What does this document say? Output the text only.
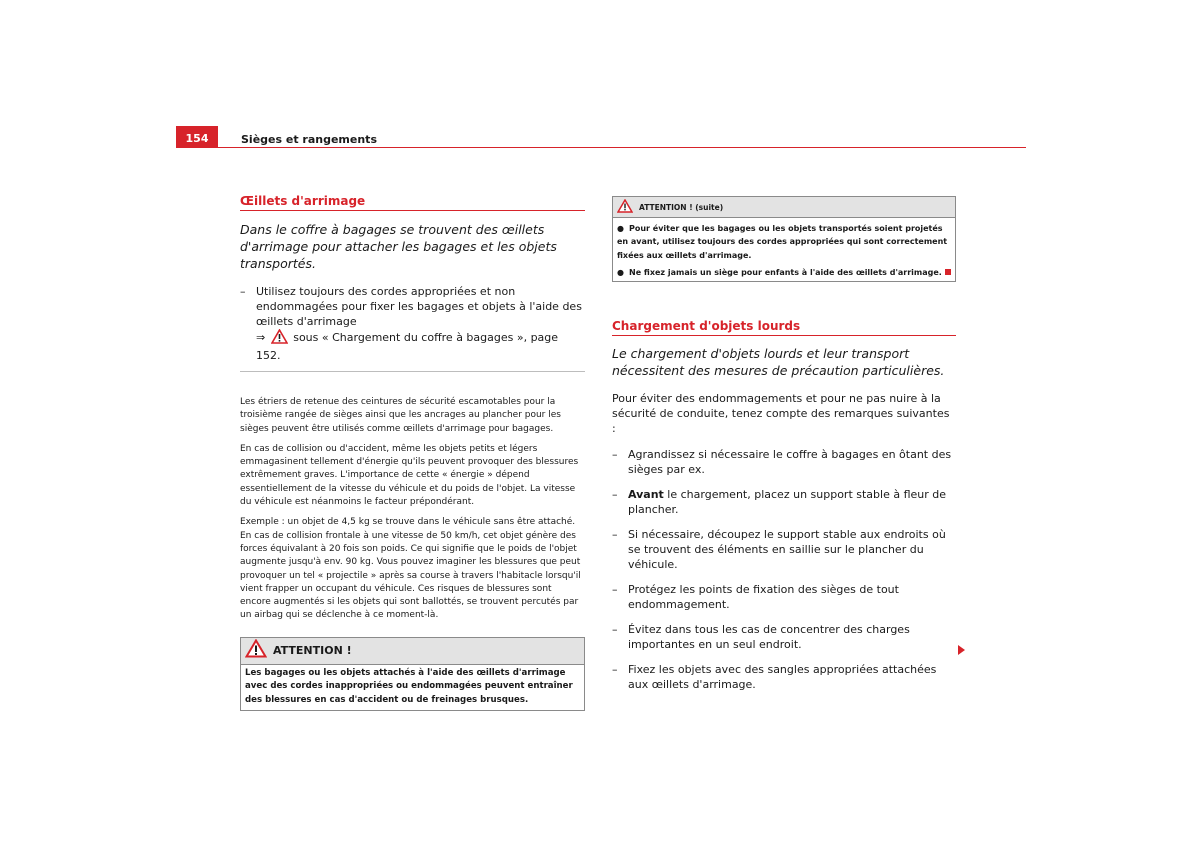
154	Sièges et rangements
Œillets d'arrimage

Dans le coffre à bagages se trouvent des œillets d'arrimage pour attacher les bagages et les objets transportés.

– Utilisez toujours des cordes appropriées et non endommagées pour fixer les bagages et objets à l'aide des œillets d'arrimage
⇒	sous « Chargement du coffre à bagages », page 152.

Les étriers de retenue des ceintures de sécurité escamotables pour la troisième rangée de sièges ainsi que les ancrages au plancher pour les sièges peuvent être utilisés comme œillets d'arrimage pour bagages.

En cas de collision ou d'accident, même les objets petits et légers emmagasinent tellement d'énergie qu'ils peuvent provoquer des blessures extrêmement graves. L'importance de cette « énergie » dépend essentiellement de la vitesse du véhicule et du poids de l'objet. La vitesse du véhicule est néanmoins le facteur prépondérant.

Exemple : un objet de 4,5 kg se trouve dans le véhicule sans être attaché. En cas de collision frontale à une vitesse de 50 km/h, cet objet génère des forces équivalant à 20 fois son poids. Ce qui signifie que le poids de l'objet augmente jusqu'à env. 90 kg. Vous pouvez imaginer les blessures que peut provoquer un tel « projectile » après sa course à travers l'habitacle lorsqu'il vient frapper un occupant du véhicule. Ces risques de blessures sont encore augmentés si les objets qui sont ballottés, se trouvent percutés par un airbag qui se déclenche à ce moment-là.

ATTENTION !
Les bagages ou les objets attachés à l'aide des œillets d'arrimage avec des cordes inappropriées ou endommagées peuvent entraîner des blessures en cas d'accident ou de freinages brusques.
ATTENTION ! (suite)
● Pour éviter que les bagages ou les objets transportés soient projetés en avant, utilisez toujours des cordes appropriées qui sont correctement fixées aux œillets d'arrimage.
● Ne fixez jamais un siège pour enfants à l'aide des œillets d'arrimage.
Chargement d'objets lourds

Le chargement d'objets lourds et leur transport nécessitent des mesures de précaution particulières.

Pour éviter des endommagements et pour ne pas nuire à la sécurité de conduite, tenez compte des remarques suivantes :

– Agrandissez si nécessaire le coffre à bagages en ôtant des sièges par ex.
– Avant le chargement, placez un support stable à fleur de plancher.
– Si nécessaire, découpez le support stable aux endroits où se trouvent des éléments en saillie sur le plancher du véhicule.
– Protégez les points de fixation des sièges de tout endommagement.
– Évitez dans tous les cas de concentrer des charges importantes en un seul endroit.
– Fixez les objets avec des sangles appropriées attachées aux œillets d'arrimage.
